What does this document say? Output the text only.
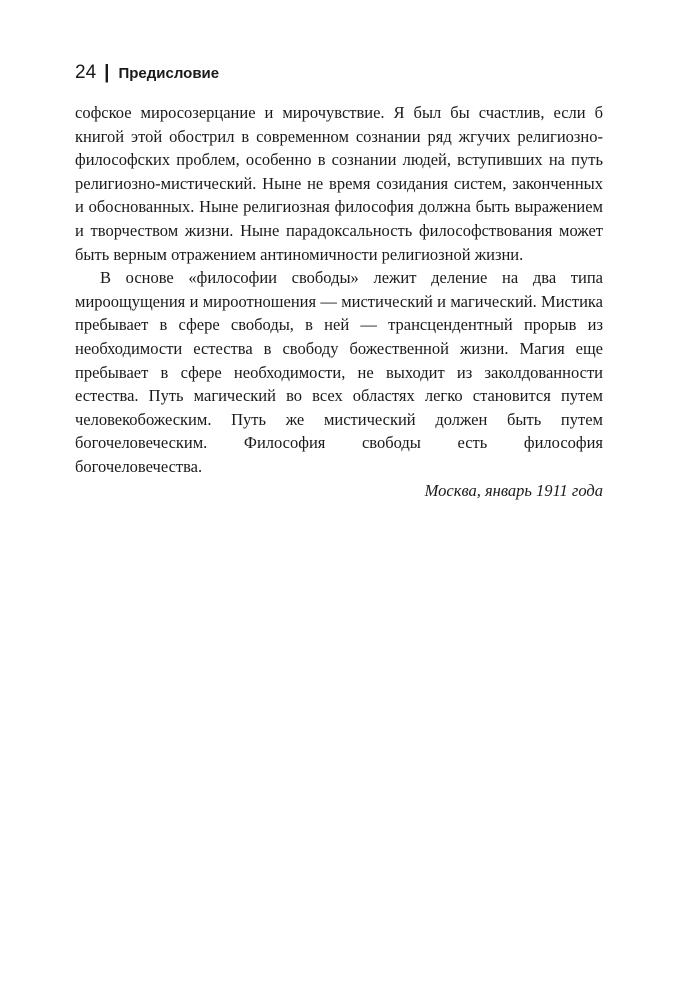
24 | Предисловие

софское миросозерцание и мирочувствие. Я был бы счастлив, если б книгой этой обострил в современном сознании ряд жгучих религиозно-философских проблем, особенно в сознании людей, вступивших на путь религиозно-мистический. Ныне не время созидания систем, законченных и обоснованных. Ныне религиозная философия должна быть выражением и творчеством жизни. Ныне парадоксальность философствования может быть верным отражением антиномичности религиозной жизни.

В основе «философии свободы» лежит деление на два типа мироощущения и мироотношения — мистический и магический. Мистика пребывает в сфере свободы, в ней — трансцендентный прорыв из необходимости естества в свободу божественной жизни. Магия еще пребывает в сфере необходимости, не выходит из заколдованности естества. Путь магический во всех областях легко становится путем человекобожеским. Путь же мистический должен быть путем богочеловеческим. Философия свободы есть философия богочеловечества.

Москва, январь 1911 года
